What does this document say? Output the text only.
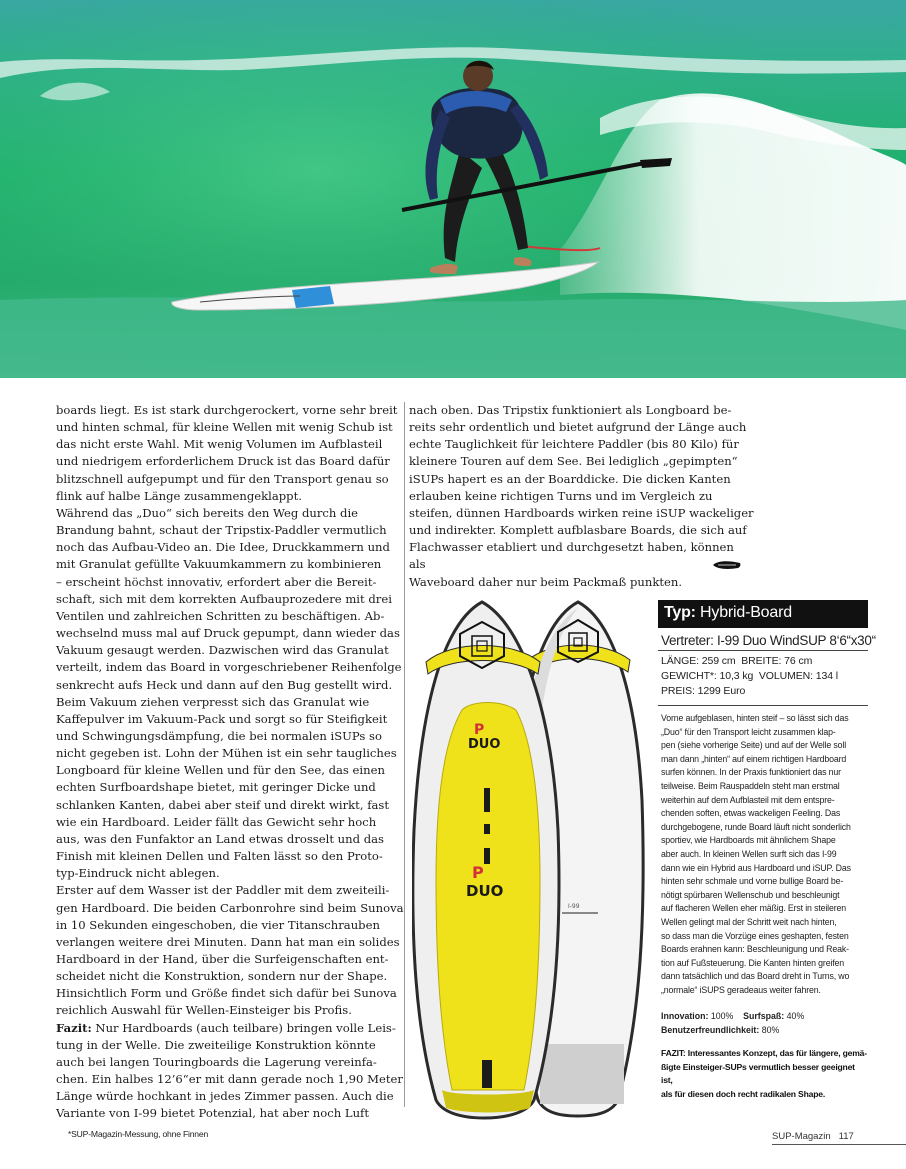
boards liegt. Es ist stark durchgerockert, vorne sehr breit
und hinten schmal, für kleine Wellen mit wenig Schub ist
das nicht erste Wahl. Mit wenig Volumen im Aufblasteil
und niedrigem erforderlichem Druck ist das Board dafür
blitzschnell aufgepumpt und für den Transport genau so
flink auf halbe Länge zusammengeklappt.

Während das „Duo“ sich bereits den Weg durch die
Brandung bahnt, schaut der Tripstix-Paddler vermutlich
noch das Aufbau-Video an. Die Idee, Druckkammern und
mit Granulat gefüllte Vakuumkammern zu kombinieren
– erscheint höchst innovativ, erfordert aber die Bereit-
schaft, sich mit dem korrekten Aufbauprozedere mit drei
Ventilen und zahlreichen Schritten zu beschäftigen. Ab-
wechselnd muss mal auf Druck gepumpt, dann wieder das
Vakuum gesaugt werden. Dazwischen wird das Granulat
verteilt, indem das Board in vorgeschriebener Reihenfolge
senkrecht aufs Heck und dann auf den Bug gestellt wird.
Beim Vakuum ziehen verpresst sich das Granulat wie
Kaffepulver im Vakuum-Pack und sorgt so für Steifigkeit
und Schwingungsdämpfung, die bei normalen iSUPs so
nicht gegeben ist. Lohn der Mühen ist ein sehr taugliches
Longboard für kleine Wellen und für den See, das einen
echten Surfboardshape bietet, mit geringer Dicke und
schlanken Kanten, dabei aber steif und direkt wirkt, fast
wie ein Hardboard. Leider fällt das Gewicht sehr hoch
aus, was den Funfaktor an Land etwas drosselt und das
Finish mit kleinen Dellen und Falten lässt so den Proto-
typ-Eindruck nicht ablegen.

Erster auf dem Wasser ist der Paddler mit dem zweiteili-
gen Hardboard. Die beiden Carbonrohre sind beim Sunova
in 10 Sekunden eingeschoben, die vier Titanschrauben
verlangen weitere drei Minuten. Dann hat man ein solides
Hardboard in der Hand, über die Surfeigenschaften ent-
scheidet nicht die Konstruktion, sondern nur der Shape.
Hinsichtlich Form und Größe findet sich dafür bei Sunova
reichlich Auswahl für Wellen-Einsteiger bis Profis.

Fazit: Nur Hardboards (auch teilbare) bringen volle Leis-
tung in der Welle. Die zweiteilige Konstruktion könnte
auch bei langen Touringboards die Lagerung vereinfa-
chen. Ein halbes 12’6“er mit dann gerade noch 1,90 Meter
Länge würde hochkant in jedes Zimmer passen. Auch die
Variante von I-99 bietet Potenzial, hat aber noch Luft

nach oben. Das Tripstix funktioniert als Longboard be-
reits sehr ordentlich und bietet aufgrund der Länge auch
echte Tauglichkeit für leichtere Paddler (bis 80 Kilo) für
kleinere Touren auf dem See. Bei lediglich „gepimpten“
iSUPs hapert es an der Boarddicke. Die dicken Kanten
erlauben keine richtigen Turns und im Vergleich zu
steifen, dünnen Hardboards wirken reine iSUP wackeliger
und indirekter. Komplett aufblasbare Boards, die sich auf
Flachwasser etabliert und durchgesetzt haben, können als
Waveboard daher nur beim Packmaß punkten.

I-99
P
DUO
P
DUO
Typ: Hybrid-Board
Vertreter: I-99 Duo WindSUP 8‘6“x30“
LÄNGE: 259 cm BREITE: 76 cm
GEWICHT*: 10,3 kg VOLUMEN: 134 l
PREIS: 1299 Euro
Vorne aufgeblasen, hinten steif – so lässt sich das
„Duo“ für den Transport leicht zusammen klap-
pen (siehe vorherige Seite) und auf der Welle soll
man dann „hinten“ auf einem richtigen Hardboard
surfen können. In der Praxis funktioniert das nur
teilweise. Beim Rauspaddeln steht man erstmal
weiterhin auf dem Aufblasteil mit dem entspre-
chenden soften, etwas wackeligen Feeling. Das
durchgebogene, runde Board läuft nicht sonderlich
sportiev, wie Hardboards mit ähnlichem Shape
aber auch. In kleinen Wellen surft sich das I-99
dann wie ein Hybrid aus Hardboard und iSUP. Das
hinten sehr schmale und vorne bullige Board be-
nötigt spürbaren Wellenschub und beschleunigt
auf flacheren Wellen eher mäßig. Erst in steileren
Wellen gelingt mal der Schritt weit nach hinten,
so dass man die Vorzüge eines geshapten, festen
Boards erahnen kann: Beschleunigung und Reak-
tion auf Fußsteuerung. Die Kanten hinten greifen
dann tatsächlich und das Board dreht in Turns, wo
„normale“ iSUPS geradeaus weiter fahren.
Innovation: 100% Surfspaß: 40%
Benutzerfreundlichkeit: 80%
FAZIT: Interessantes Konzept, das für längere, gemä-
ßigte Einsteiger-SUPs vermutlich besser geeignet ist,
als für diesen doch recht radikalen Shape.
*SUP-Magazin-Messung, ohne Finnen	SUP-Magazin 117
